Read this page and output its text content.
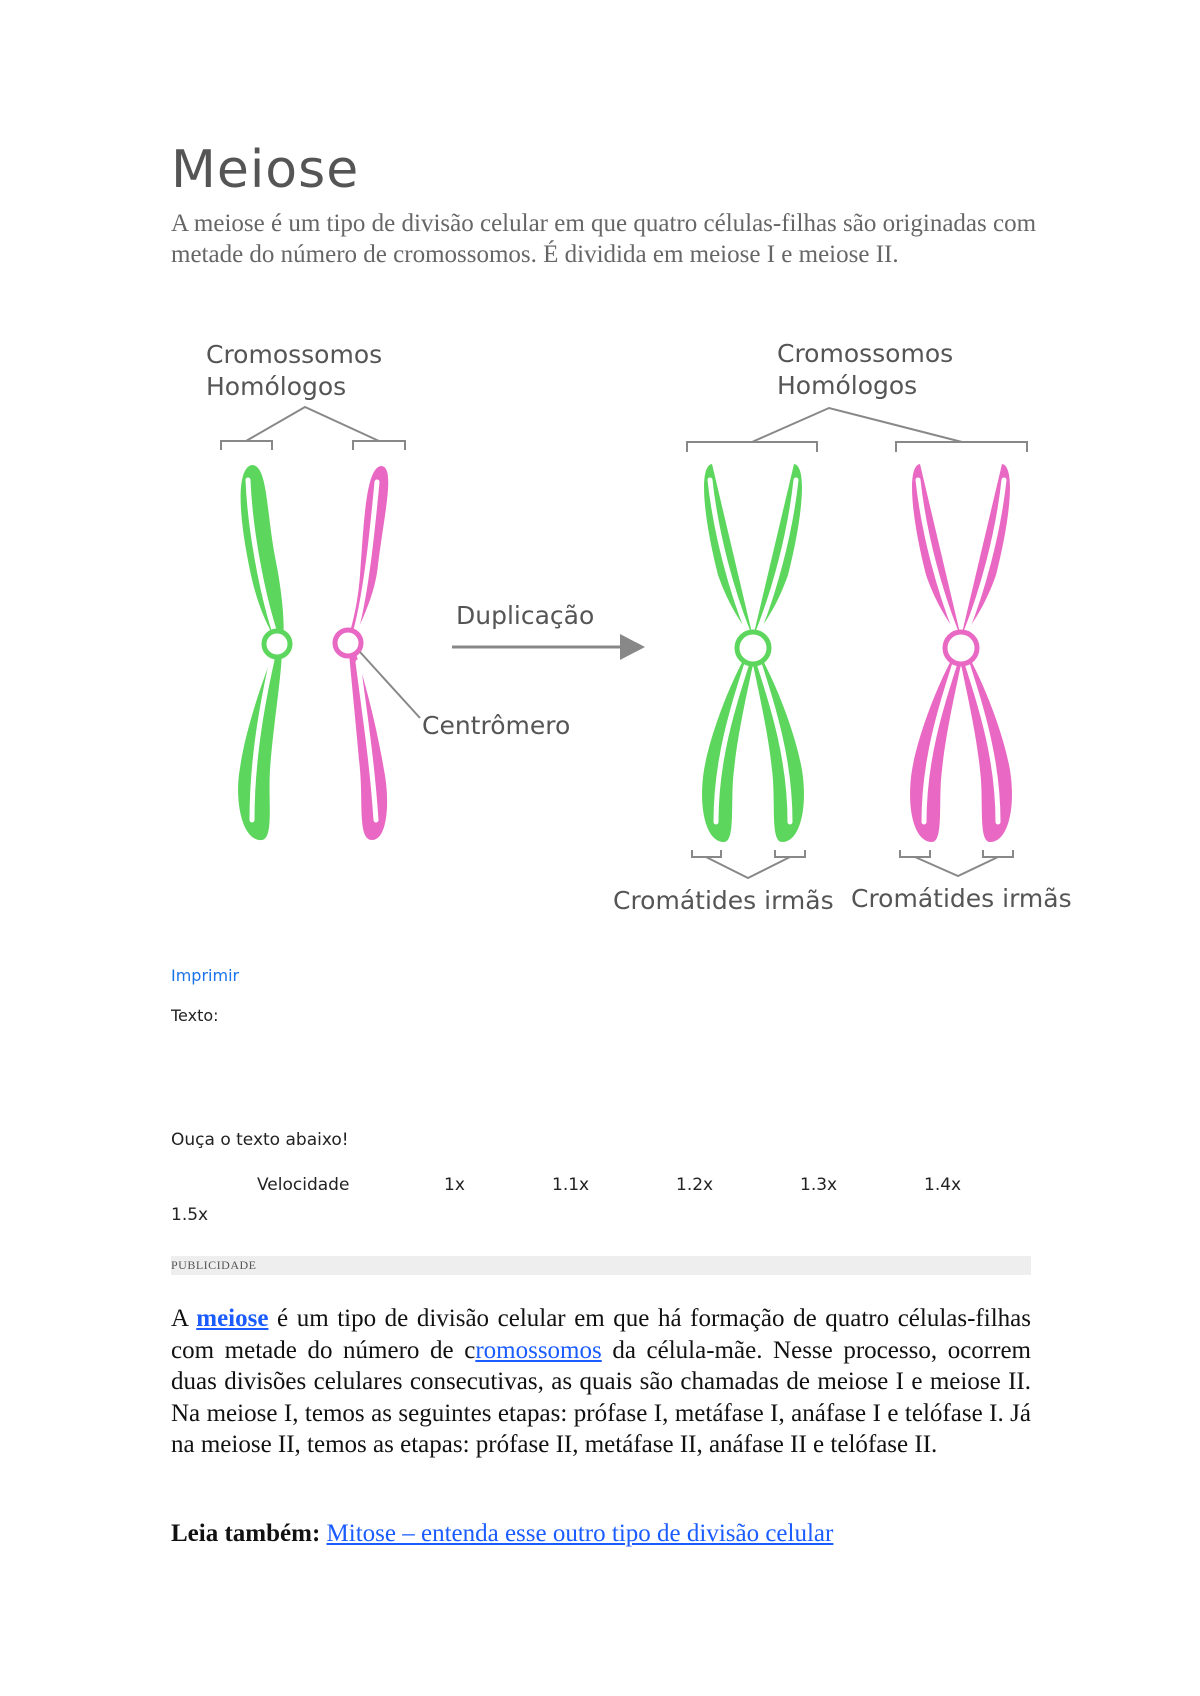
Meiose

A meiose é um tipo de divisão celular em que quatro células-filhas são originadas com metade do número de cromossomos. É dividida em meiose I e meiose II.

Cromossomos
Homólogos
Centrômero
Duplicação
Cromossomos
Homólogos
Cromátides irmãs Cromátides irmãs
Imprimir

Texto:

Ouça o texto abaixo!

Velocidade	1x	1.1x	1.2x	1.3x	1.4x
1.5x
PUBLICIDADE

A meiose é um tipo de divisão celular em que há formação de quatro células-filhas com metade do número de cromossomos da célula-mãe. Nesse processo, ocorrem duas divisões celulares consecutivas, as quais são chamadas de meiose I e meiose II. Na meiose I, temos as seguintes etapas: prófase I, metáfase I, anáfase I e telófase I. Já na meiose II, temos as etapas: prófase II, metáfase II, anáfase II e telófase II.

Leia também: Mitose – entenda esse outro tipo de divisão celular
